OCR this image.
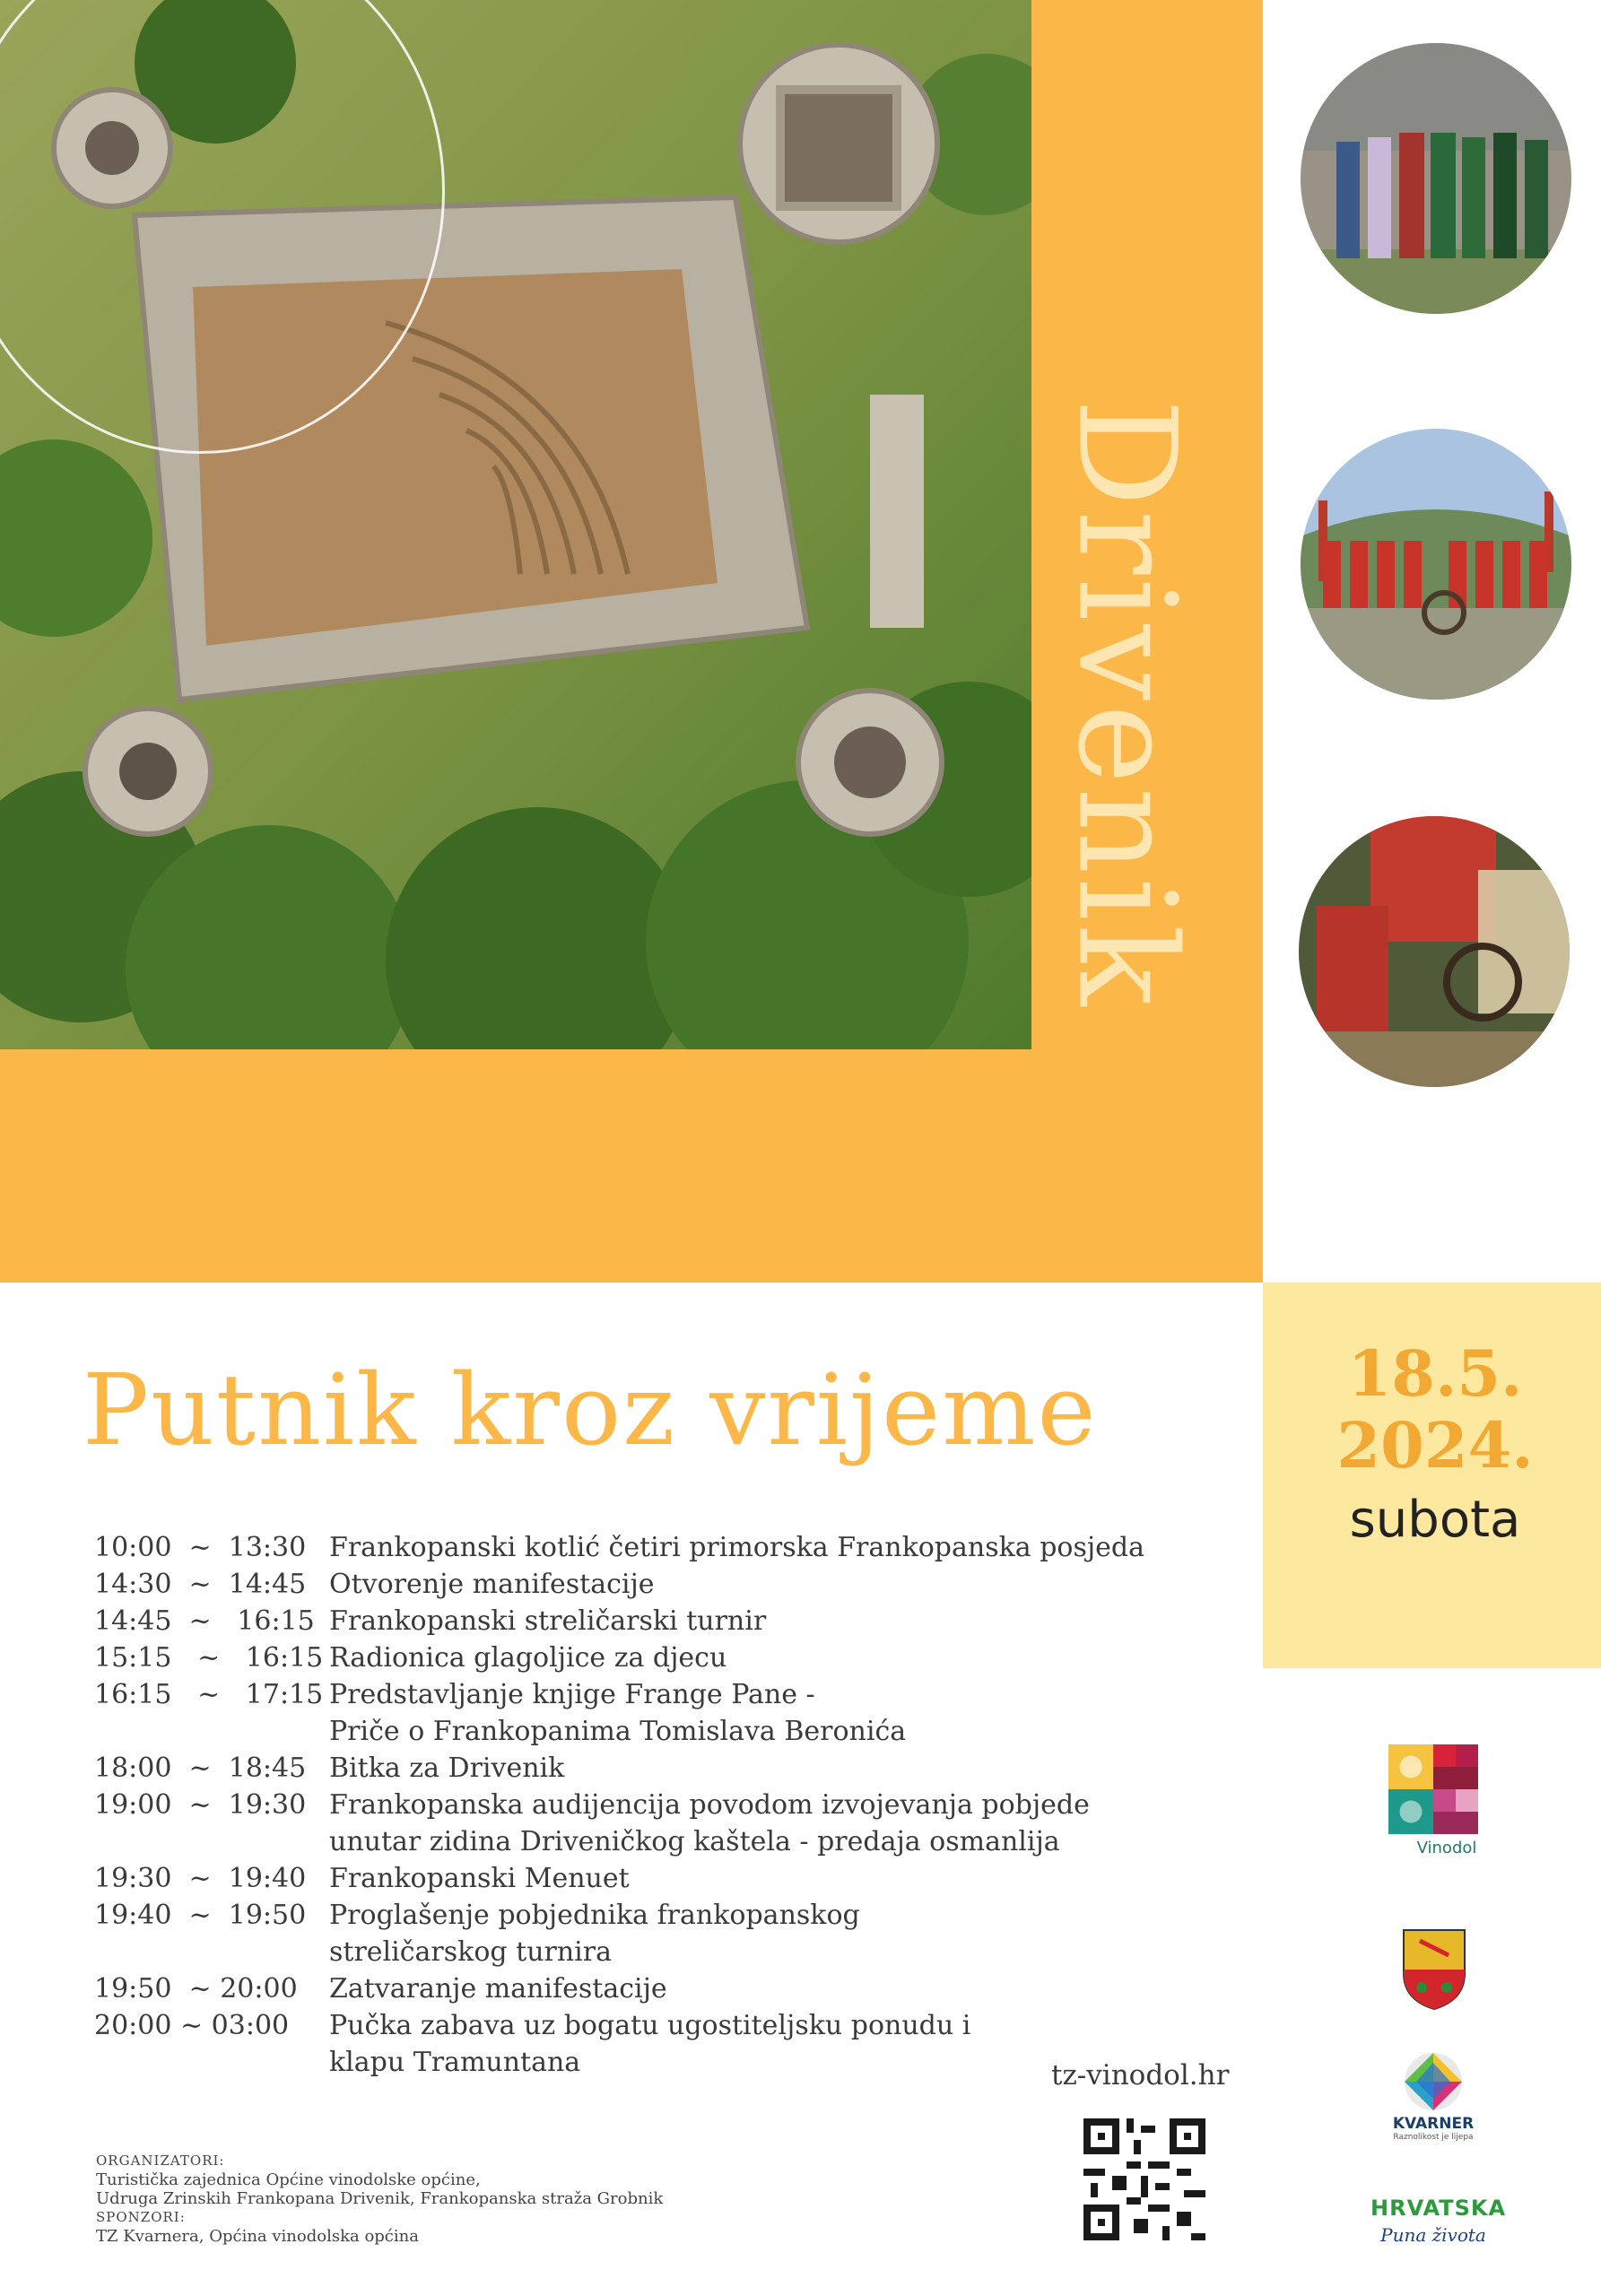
Drivenik
18.5.
2024.
subota
Putnik kroz vrijeme
10:00  ~  13:30 Frankopanski kotlić četiri primorska Frankopanska posjeda
14:30  ~  14:45 Otvorenje manifestacije
14:45  ~   16:15 Frankopanski streličarski turnir
15:15   ~   16:15 Radionica glagoljice za djecu
16:15   ~   17:15 Predstavljanje knjige Frange Pane -
Priče o Frankopanima Tomislava Beronića
18:00  ~  18:45 Bitka za Drivenik
19:00  ~  19:30 Frankopanska audijencija povodom izvojevanja pobjede
unutar zidina Driveničkog kaštela - predaja osmanlija
19:30  ~  19:40 Frankopanski Menuet
19:40  ~  19:50 Proglašenje pobjednika frankopanskog
streličarskog turnira
19:50  ~ 20:00	Zatvaranje manifestacije
20:00 ~ 03:00	Pučka zabava uz bogatu ugostiteljsku ponudu i
klapu Tramuntana	tz-vinodol.hr
ORGANIZATORI:
Turistička zajednica Općine vinodolske općine,
Udruga Zrinskih Frankopana Drivenik, Frankopanska straža Grobnik
SPONZORI:
TZ Kvarnera, Općina vinodolska općina
Vinodol
KVARNER
Raznolikost je lijepa
HRVATSKA
Puna života
